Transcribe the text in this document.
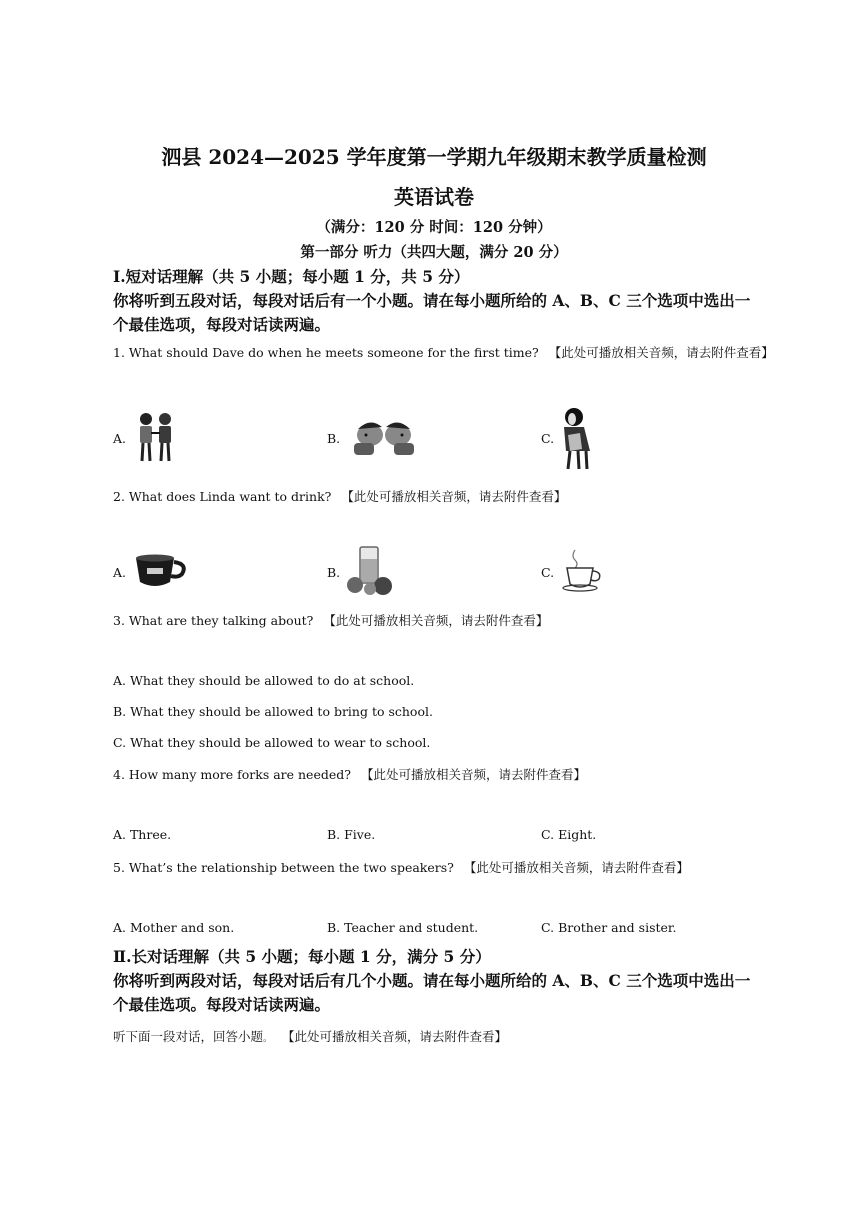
泗县 2024—2025 学年度第一学期九年级期末教学质量检测
英语试卷
（满分：120 分 时间：120 分钟）
第一部分 听力（共四大题，满分 20 分）
Ⅰ.短对话理解（共 5 小题；每小题 1 分，共 5 分）
你将听到五段对话，每段对话后有一个小题。请在每小题所给的 A、B、C 三个选项中选出一
个最佳选项，每段对话读两遍。
1. What should Dave do when he meets someone for the first time? 【此处可播放相关音频，请去附件查看】
A.	B.	C.
2. What does Linda want to drink? 【此处可播放相关音频，请去附件查看】
A.	B.	C.
3. What are they talking about? 【此处可播放相关音频，请去附件查看】
A. What they should be allowed to do at school.
B. What they should be allowed to bring to school.
C. What they should be allowed to wear to school.
4. How many more forks are needed? 【此处可播放相关音频，请去附件查看】
A. Three.	B. Five.	C. Eight.
5. What’s the relationship between the two speakers? 【此处可播放相关音频，请去附件查看】
A. Mother and son.	B. Teacher and student.	C. Brother and sister.
Ⅱ.长对话理解（共 5 小题；每小题 1 分，满分 5 分）
你将听到两段对话，每段对话后有几个小题。请在每小题所给的 A、B、C 三个选项中选出一
个最佳选项。每段对话读两遍。
听下面一段对话，回答小题。 【此处可播放相关音频，请去附件查看】
